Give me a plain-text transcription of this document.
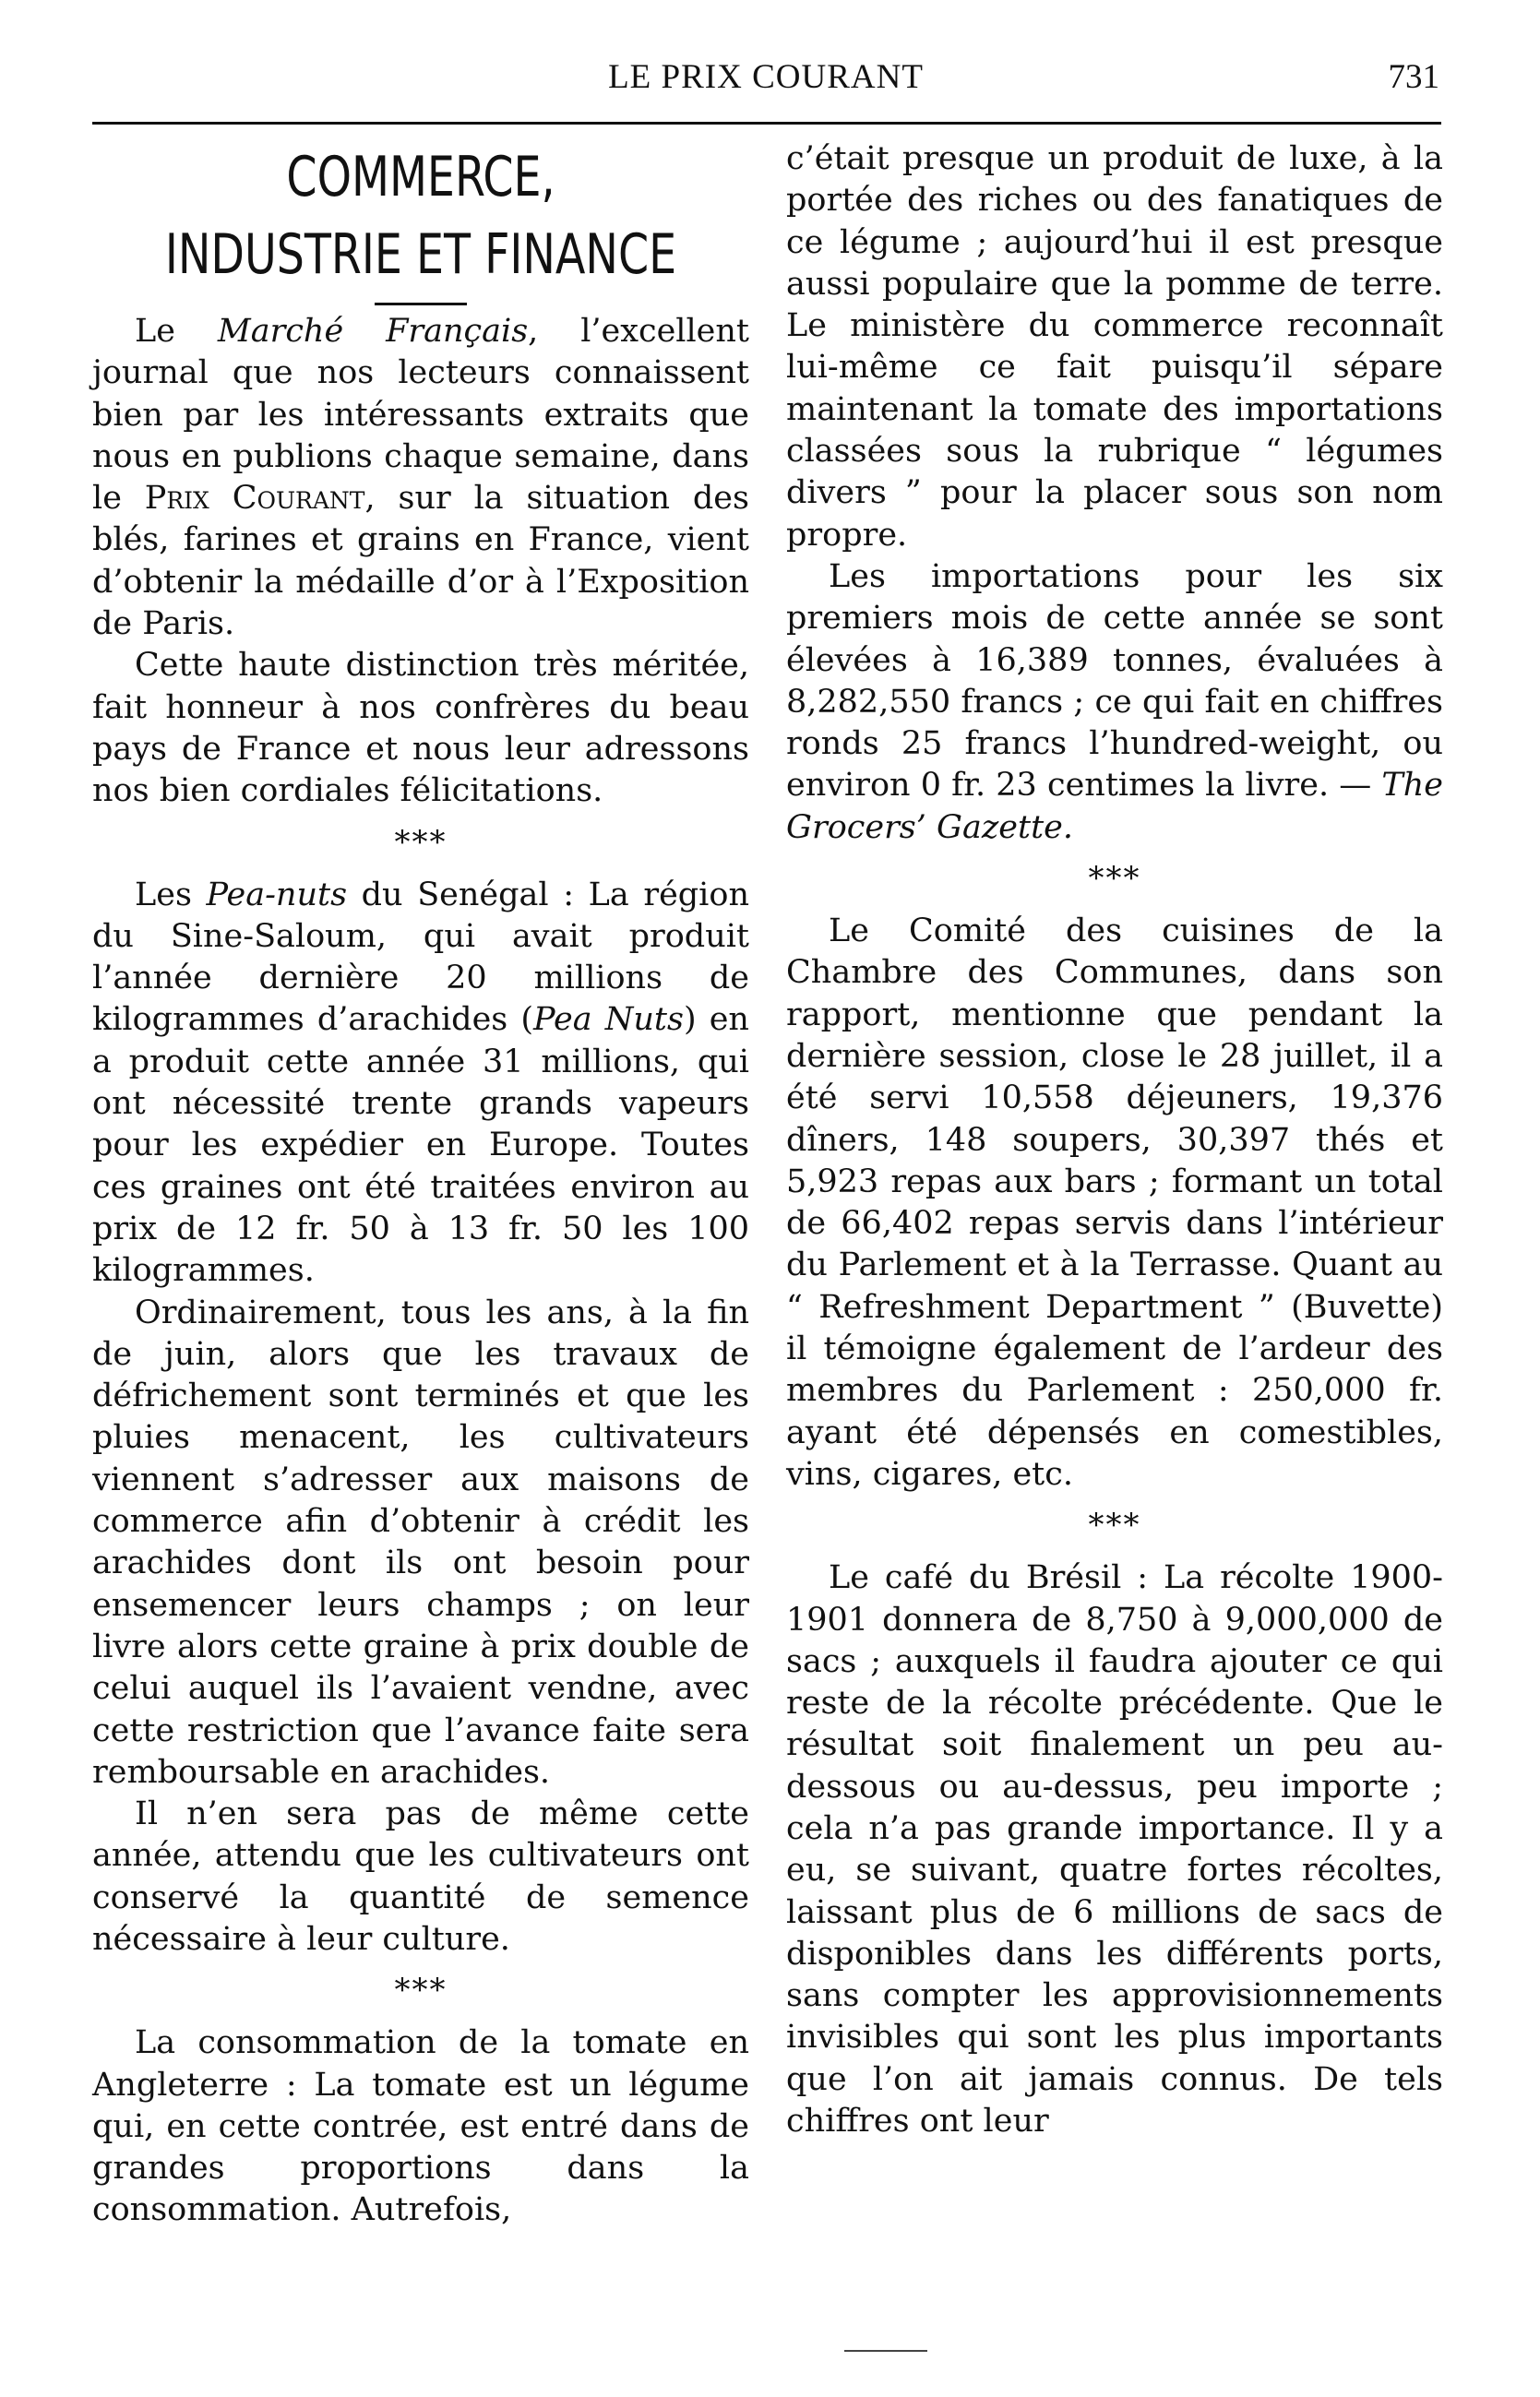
LE PRIX COURANT	731
COMMERCE,
INDUSTRIE ET FINANCE

Le Marché Français, l’excellent journal que nos lecteurs connaissent bien par les intéressants extraits que nous en publions chaque semaine, dans le Prix Courant, sur la situation des blés, farines et grains en France, vient d’obtenir la médaille d’or à l’Exposition de Paris.

Cette haute distinction très méritée, fait honneur à nos confrères du beau pays de France et nous leur adressons nos bien cordiales félicitations.

***

Les Pea-nuts du Senégal : La région du Sine-Saloum, qui avait produit l’année dernière 20 millions de kilogrammes d’arachides (Pea Nuts) en a produit cette année 31 millions, qui ont nécessité trente grands vapeurs pour les expédier en Europe. Toutes ces graines ont été traitées environ au prix de 12 fr. 50 à 13 fr. 50 les 100 kilogrammes.

Ordinairement, tous les ans, à la fin de juin, alors que les travaux de défrichement sont terminés et que les pluies menacent, les cultivateurs viennent s’adresser aux maisons de commerce afin d’obtenir à crédit les arachides dont ils ont besoin pour ensemencer leurs champs ; on leur livre alors cette graine à prix double de celui auquel ils l’avaient vendne, avec cette restriction que l’avance faite sera remboursable en arachides.

Il n’en sera pas de même cette année, attendu que les cultivateurs ont conservé la quantité de semence nécessaire à leur culture.

***

La consommation de la tomate en Angleterre : La tomate est un légume qui, en cette contrée, est entré dans de grandes proportions dans la consommation. Autrefois,

c’était presque un produit de luxe, à la portée des riches ou des fanatiques de ce légume ; aujourd’hui il est presque aussi populaire que la pomme de terre. Le ministère du commerce reconnaît lui-même ce fait puisqu’il sépare maintenant la tomate des importations classées sous la rubrique “ légumes divers ” pour la placer sous son nom propre.

Les importations pour les six premiers mois de cette année se sont élevées à 16,389 tonnes, évaluées à 8,282,550 francs ; ce qui fait en chiffres ronds 25 francs l’hundred-weight, ou environ 0 fr. 23 centimes la livre. — The Grocers’ Gazette.

***

Le Comité des cuisines de la Chambre des Communes, dans son rapport, mentionne que pendant la dernière session, close le 28 juillet, il a été servi 10,558 déjeuners, 19,376 dîners, 148 soupers, 30,397 thés et 5,923 repas aux bars ; formant un total de 66,402 repas servis dans l’intérieur du Parlement et à la Terrasse. Quant au “ Refreshment Department ” (Buvette) il témoigne également de l’ardeur des membres du Parlement : 250,000 fr. ayant été dépensés en comestibles, vins, cigares, etc.

***

Le café du Brésil : La récolte 1900-1901 donnera de 8,750 à 9,000,000 de sacs ; auxquels il faudra ajouter ce qui reste de la récolte précédente. Que le résultat soit finalement un peu au-dessous ou au-dessus, peu importe ; cela n’a pas grande importance. Il y a eu, se suivant, quatre fortes récoltes, laissant plus de 6 millions de sacs de disponibles dans les différents ports, sans compter les approvisionnements invisibles qui sont les plus importants que l’on ait jamais connus. De tels chiffres ont leur
